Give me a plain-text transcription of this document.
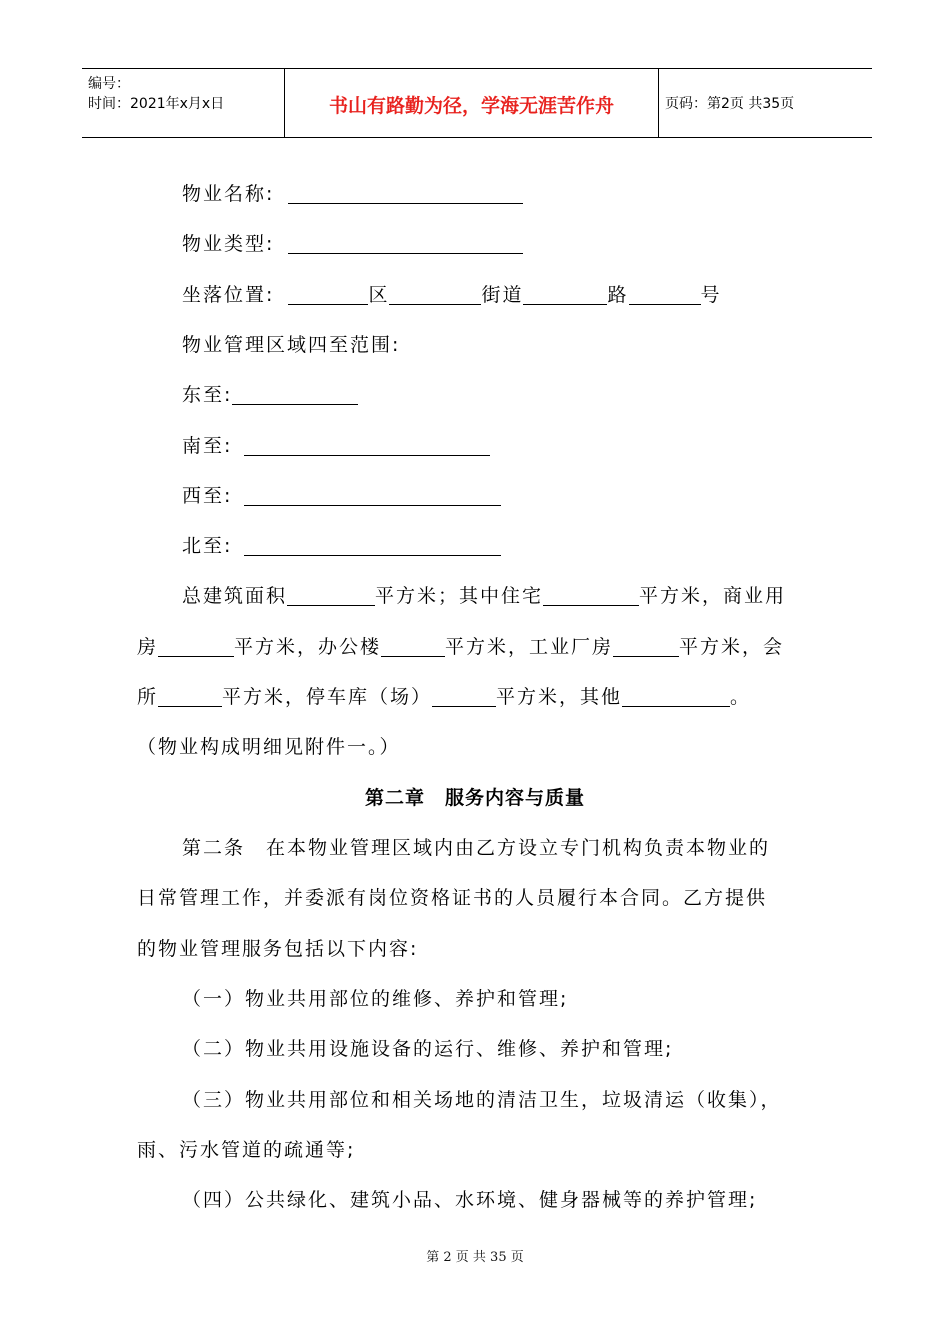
编号：
时间：2021年x月x日	书山有路勤为径，学海无涯苦作舟	页码：第2页 共35页
物业名称:
物业类型:
坐落位置:	区	街道	路	号
物业管理区域四至范围:
东至:
南至:
西至:
北至:
总建筑面积	平方米；其中住宅	平方米，商业用
房	平方米，办公楼	平方米，工业厂房	平方米，会
所	平方米，停车库（场）	平方米，其他	。
（物业构成明细见附件一。）
第二章　服务内容与质量
第二条　在本物业管理区域内由乙方设立专门机构负责本物业的
日常管理工作，并委派有岗位资格证书的人员履行本合同。乙方提供
的物业管理服务包括以下内容:
（一）物业共用部位的维修、养护和管理;
（二）物业共用设施设备的运行、维修、养护和管理;
（三）物业共用部位和相关场地的清洁卫生，垃圾清运（收集），
雨、污水管道的疏通等;
（四）公共绿化、建筑小品、水环境、健身器械等的养护管理;
第 2 页 共 35 页
